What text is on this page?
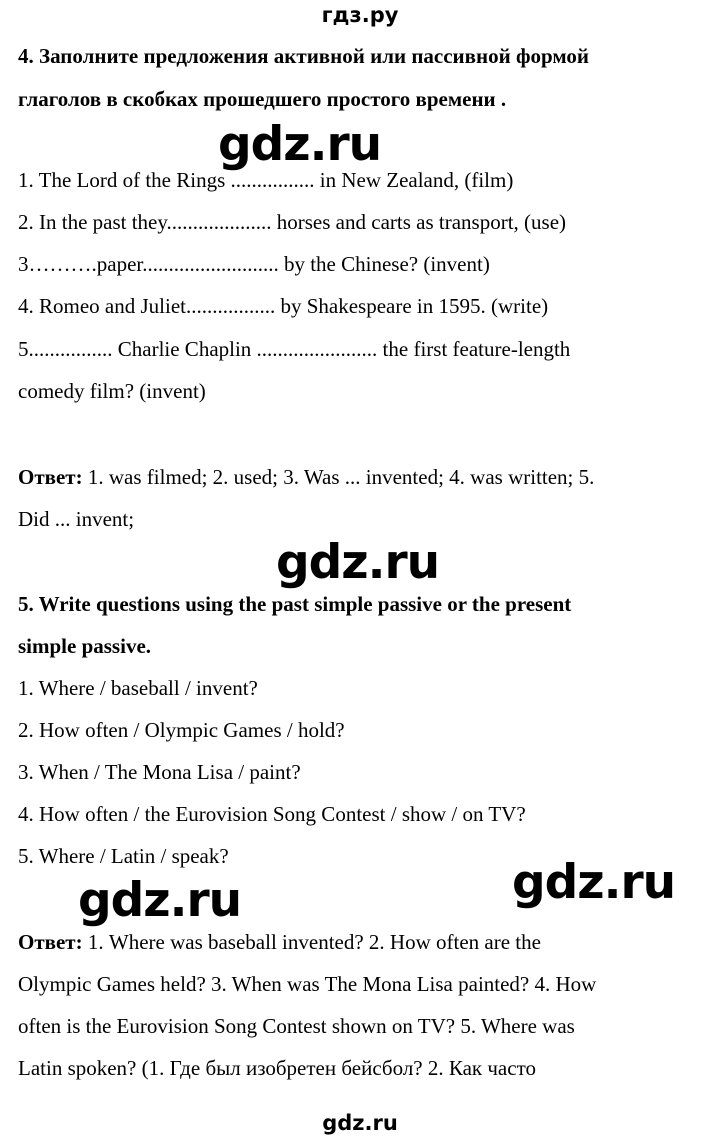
гдз.ру
4. Заполните предложения активной или пассивной формой
глаголов в скобках прошедшего простого времени .
gdz.ru
1. The Lord of the Rings ................ in New Zealand, (film)
2. In the past they.................... horses and carts as transport, (use)
3……….paper.......................... by the Chinese? (invent)
4. Romeo and Juliet................. by Shakespeare in 1595. (write)
5................ Charlie Chaplin ....................... the first feature-length
comedy film? (invent)
Ответ: 1. was filmed; 2. used; 3. Was ... invented; 4. was written; 5.
Did ... invent;
gdz.ru
5. Write questions using the past simple passive or the present
simple passive.
1. Where / baseball / invent?
2. How often / Olympic Games / hold?
3. When / The Mona Lisa / paint?
4. How often / the Eurovision Song Contest / show / on TV?
5. Where / Latin / speak?	gdz.ru
gdz.ru
Ответ: 1. Where was baseball invented? 2. How often are the
Olympic Games held? 3. When was The Mona Lisa painted? 4. How
often is the Eurovision Song Contest shown on TV? 5. Where was
Latin spoken? (1. Где был изобретен бейсбол? 2. Как часто
gdz.ru
